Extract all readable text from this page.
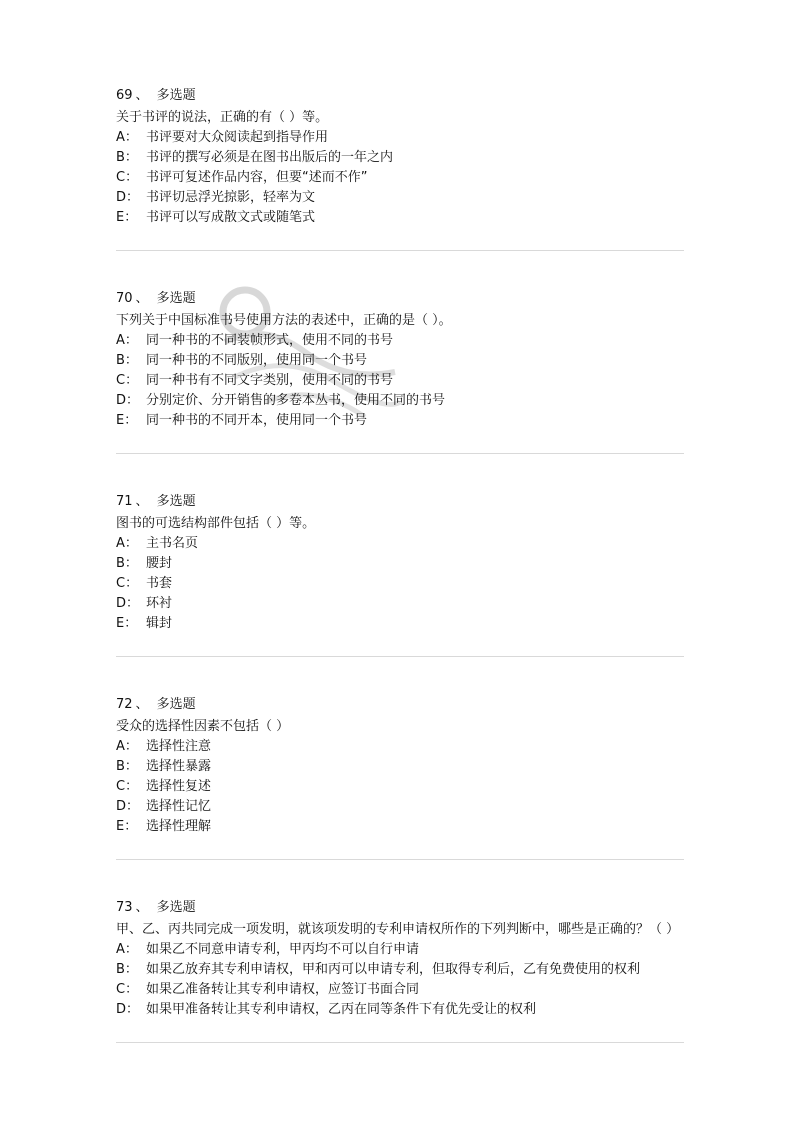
69 、 多选题
关于书评的说法，正确的有（ ）等。
A： 书评要对大众阅读起到指导作用
B： 书评的撰写必须是在图书出版后的一年之内
C： 书评可复述作品内容，但要“述而不作”
D： 书评切忌浮光掠影，轻率为文
E： 书评可以写成散文式或随笔式
70 、 多选题
下列关于中国标准书号使用方法的表述中，正确的是（ ）。
A： 同一种书的不同装帧形式，使用不同的书号
B： 同一种书的不同版别，使用同一个书号
C： 同一种书有不同文字类别，使用不同的书号
D： 分别定价、分开销售的多卷本丛书，使用不同的书号
E： 同一种书的不同开本，使用同一个书号
71 、 多选题
图书的可选结构部件包括（ ）等。
A： 主书名页
B： 腰封
C： 书套
D： 环衬
E： 辑封
72 、 多选题
受众的选择性因素不包括（ ）
A： 选择性注意
B： 选择性暴露
C： 选择性复述
D： 选择性记忆
E： 选择性理解
73 、 多选题
甲、乙、丙共同完成一项发明，就该项发明的专利申请权所作的下列判断中，哪些是正确的？（ ）
A： 如果乙不同意申请专利，甲丙均不可以自行申请
B： 如果乙放弃其专利申请权，甲和丙可以申请专利，但取得专利后，乙有免费使用的权利
C： 如果乙准备转让其专利申请权，应签订书面合同
D： 如果甲准备转让其专利申请权，乙丙在同等条件下有优先受让的权利
